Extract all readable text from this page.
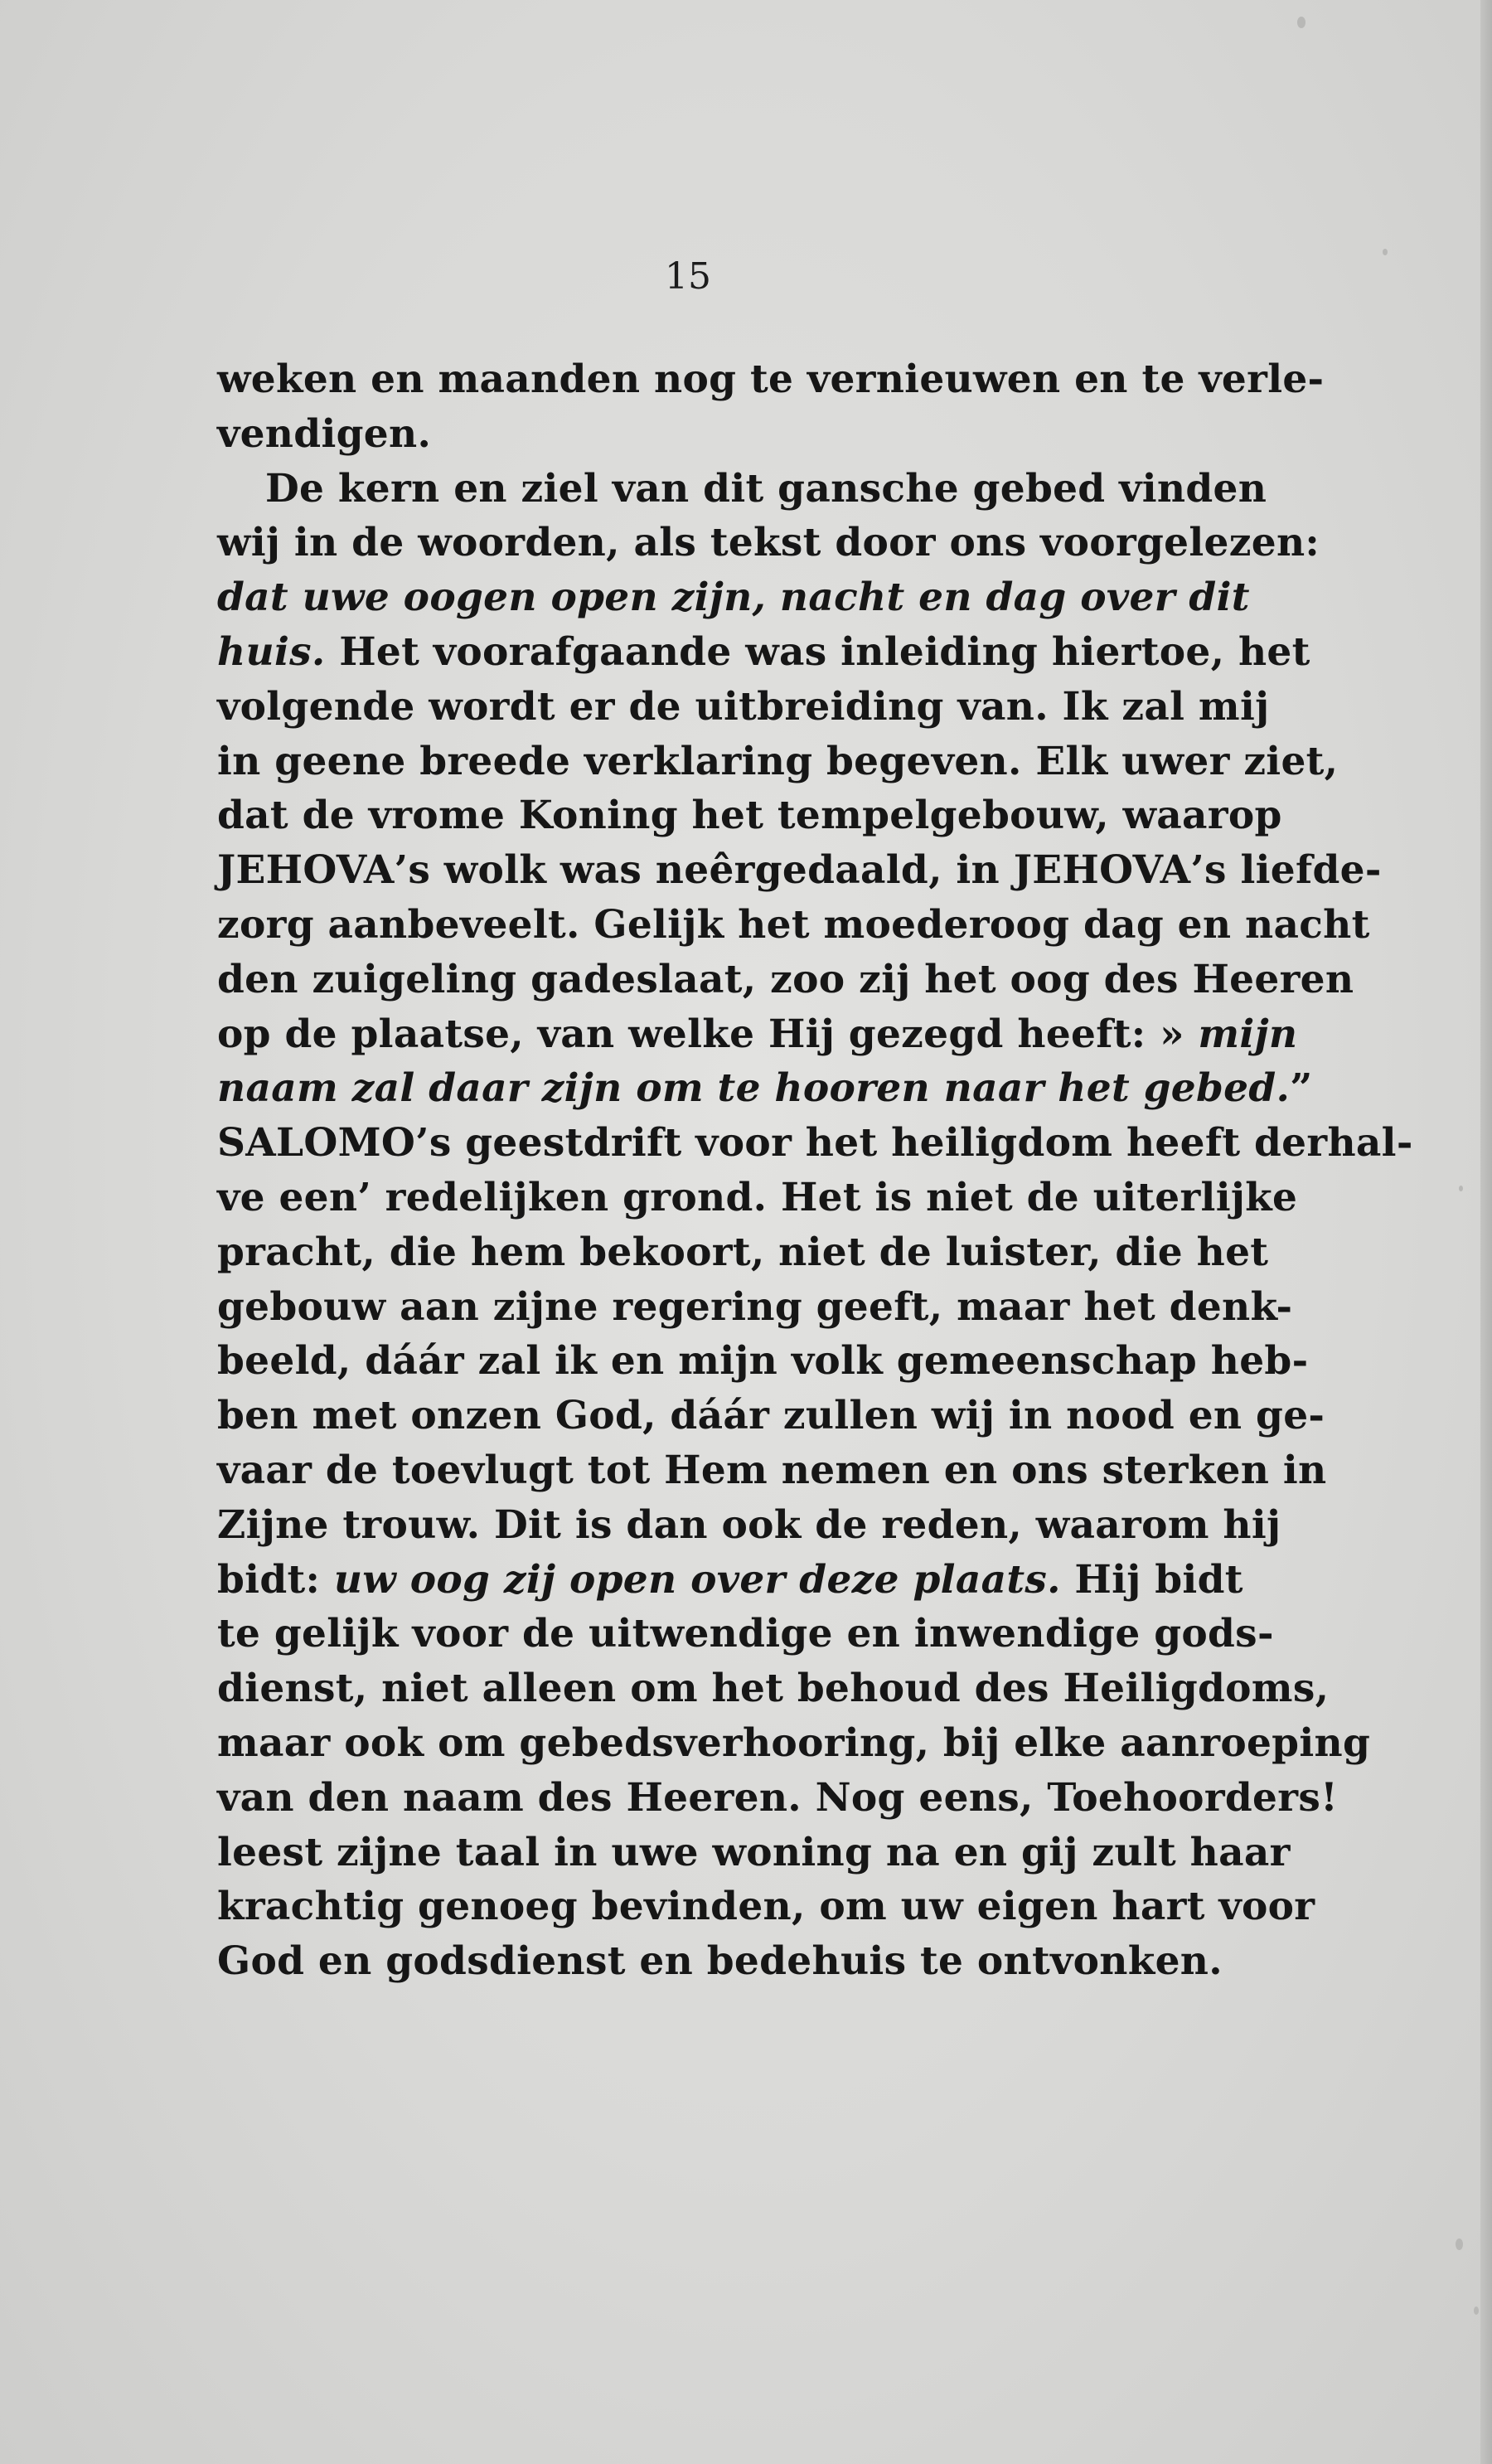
15
weken en maanden nog te vernieuwen en te verle-
vendigen.
De kern en ziel van dit gansche gebed vinden
wij in de woorden, als tekst door ons voorgelezen:
dat uwe oogen open zijn, nacht en dag over dit
huis. Het voorafgaande was inleiding hiertoe, het
volgende wordt er de uitbreiding van. Ik zal mij
in geene breede verklaring begeven. Elk uwer ziet,
dat de vrome Koning het tempelgebouw, waarop
JEHOVA’s wolk was neêrgedaald, in JEHOVA’s liefde-
zorg aanbeveelt. Gelijk het moederoog dag en nacht
den zuigeling gadeslaat, zoo zij het oog des Heeren
op de plaatse, van welke Hij gezegd heeft: » mijn
naam zal daar zijn om te hooren naar het gebed.”
SALOMO’s geestdrift voor het heiligdom heeft derhal-
ve een’ redelijken grond. Het is niet de uiterlijke
pracht, die hem bekoort, niet de luister, die het
gebouw aan zijne regering geeft, maar het denk-
beeld, dáár zal ik en mijn volk gemeenschap heb-
ben met onzen God, dáár zullen wij in nood en ge-
vaar de toevlugt tot Hem nemen en ons sterken in
Zijne trouw. Dit is dan ook de reden, waarom hij
bidt: uw oog zij open over deze plaats. Hij bidt
te gelijk voor de uitwendige en inwendige gods-
dienst, niet alleen om het behoud des Heiligdoms,
maar ook om gebedsverhooring, bij elke aanroeping
van den naam des Heeren. Nog eens, Toehoorders!
leest zijne taal in uwe woning na en gij zult haar
krachtig genoeg bevinden, om uw eigen hart voor
God en godsdienst en bedehuis te ontvonken.
